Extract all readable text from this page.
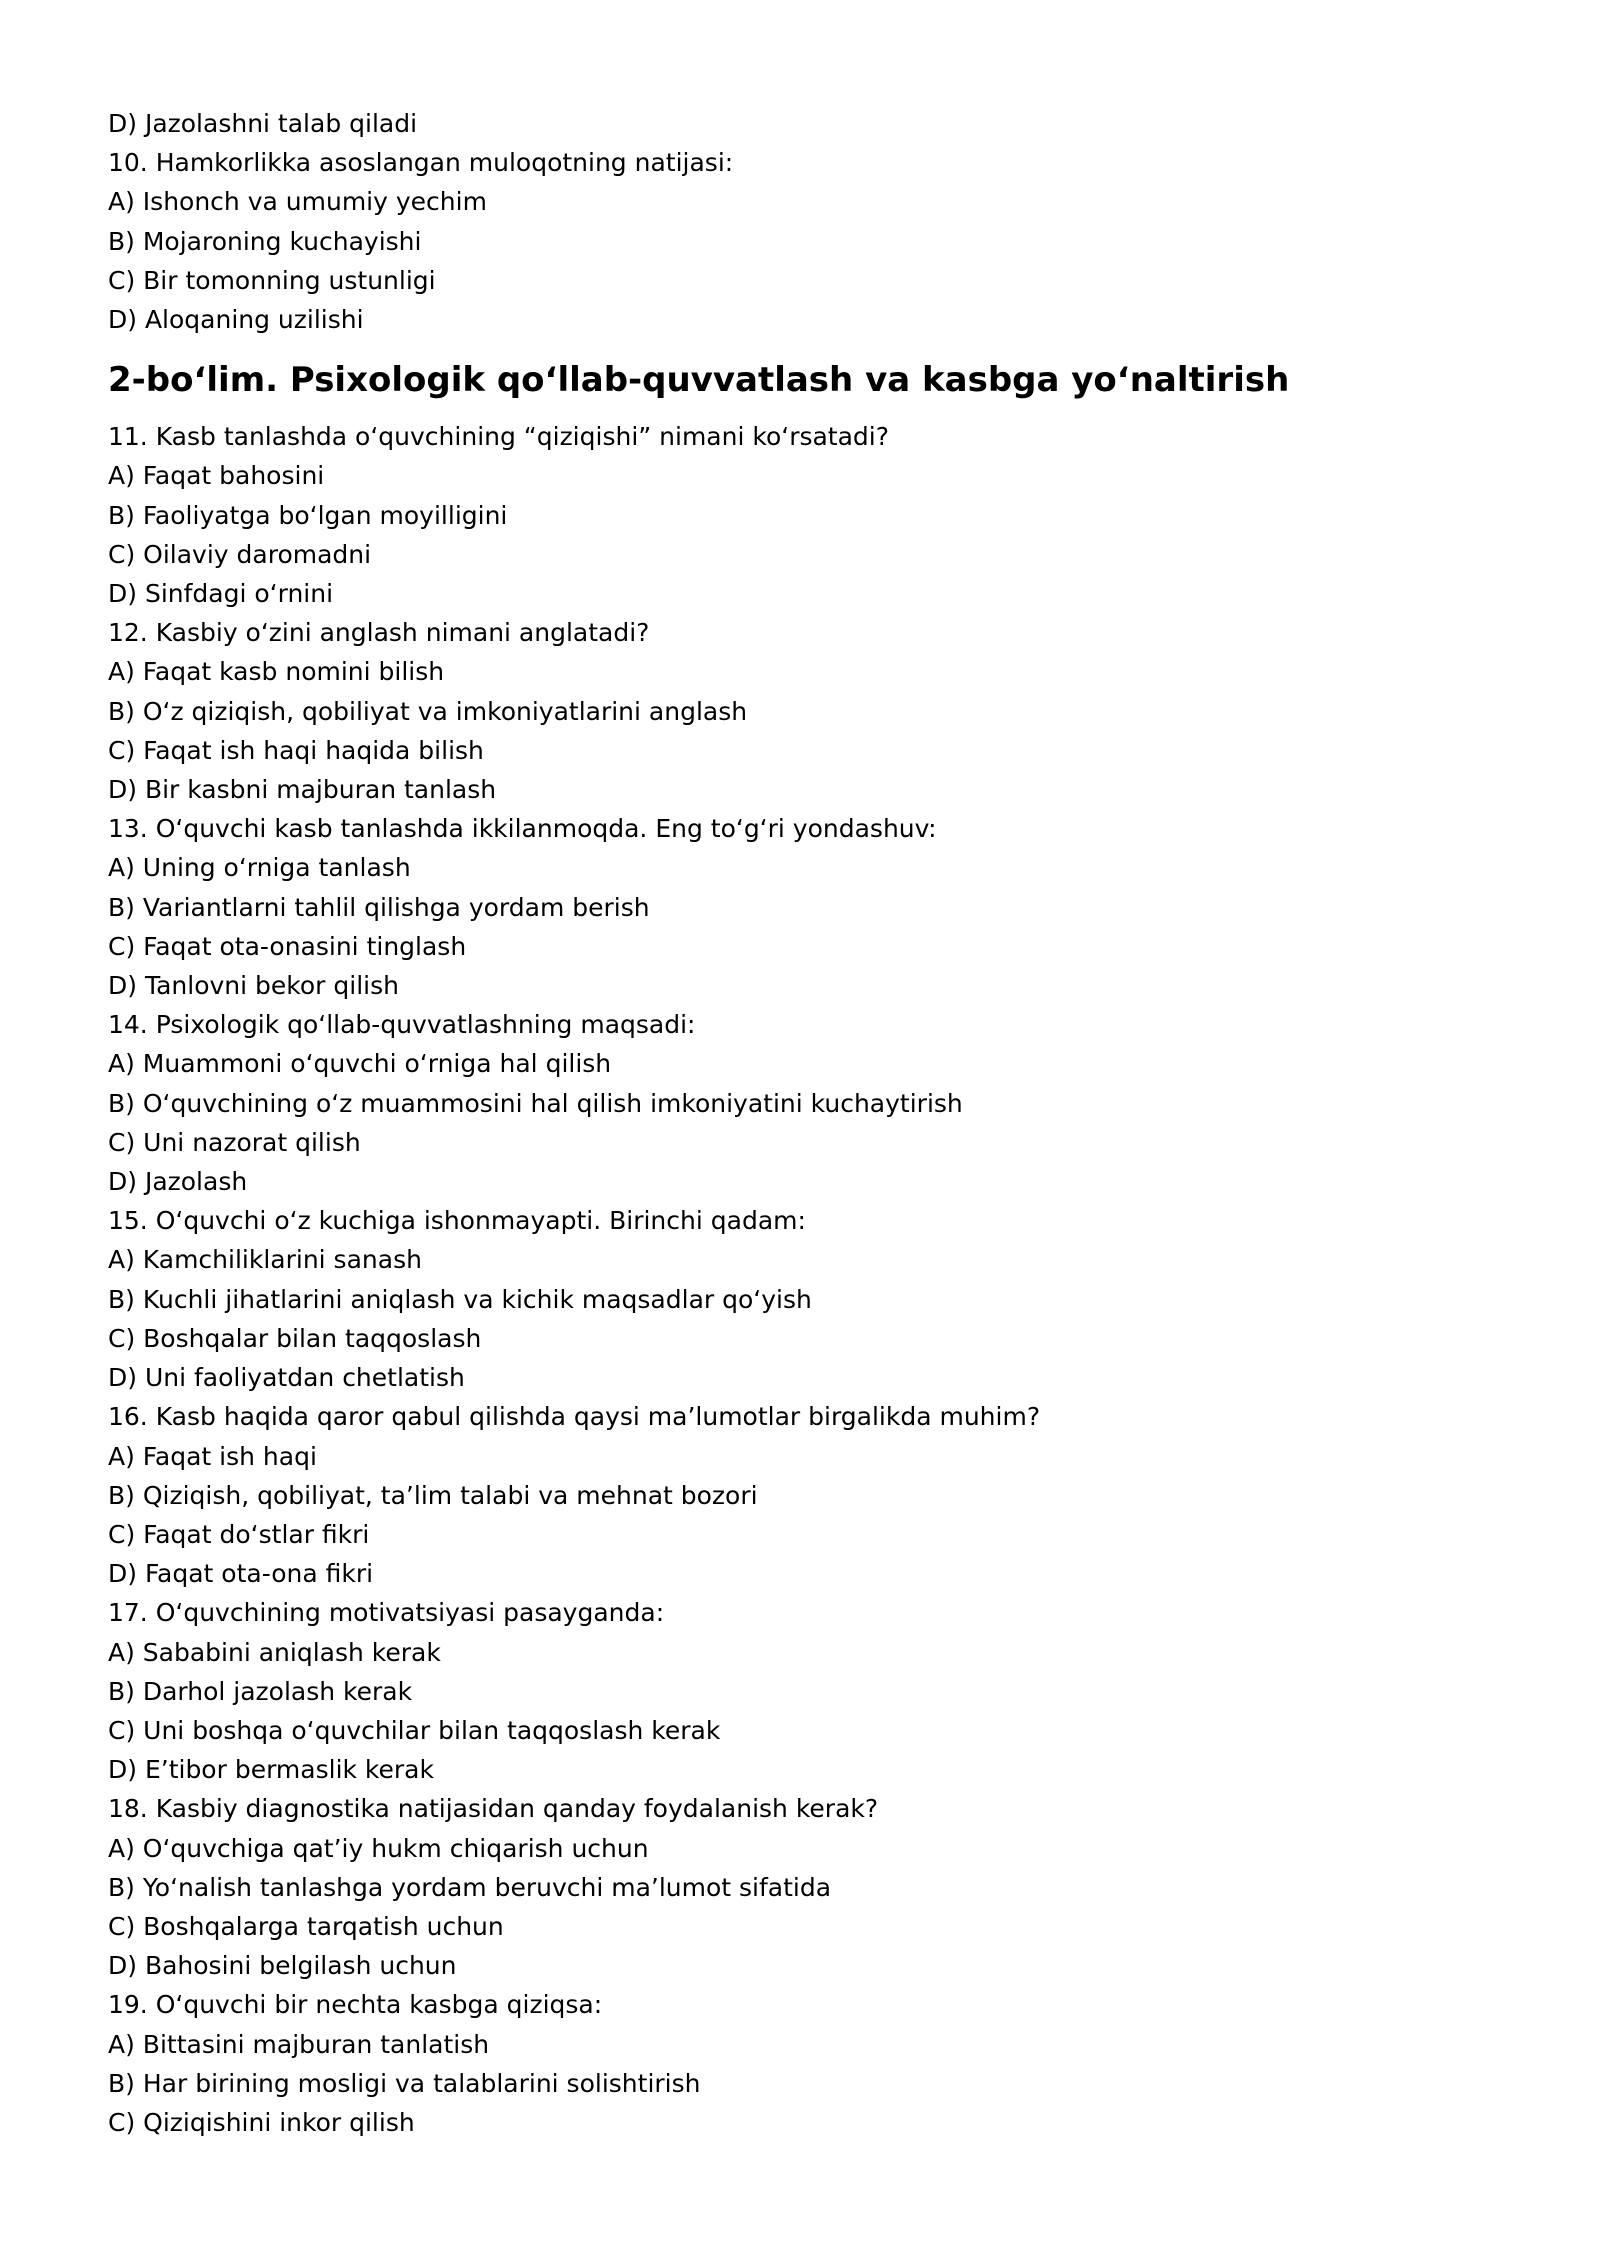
D) Jazolashni talab qiladi

10. Hamkorlikka asoslangan muloqotning natijasi:

A) Ishonch va umumiy yechim

B) Mojaroning kuchayishi

C) Bir tomonning ustunligi

D) Aloqaning uzilishi

2-bo‘lim. Psixologik qo‘llab-quvvatlash va kasbga yo‘naltirish

11. Kasb tanlashda o‘quvchining “qiziqishi” nimani ko‘rsatadi?

A) Faqat bahosini

B) Faoliyatga bo‘lgan moyilligini

C) Oilaviy daromadni

D) Sinfdagi o‘rnini

12. Kasbiy o‘zini anglash nimani anglatadi?

A) Faqat kasb nomini bilish

B) O‘z qiziqish, qobiliyat va imkoniyatlarini anglash

C) Faqat ish haqi haqida bilish

D) Bir kasbni majburan tanlash

13. O‘quvchi kasb tanlashda ikkilanmoqda. Eng to‘g‘ri yondashuv:

A) Uning o‘rniga tanlash

B) Variantlarni tahlil qilishga yordam berish

C) Faqat ota-onasini tinglash

D) Tanlovni bekor qilish

14. Psixologik qo‘llab-quvvatlashning maqsadi:

A) Muammoni o‘quvchi o‘rniga hal qilish

B) O‘quvchining o‘z muammosini hal qilish imkoniyatini kuchaytirish

C) Uni nazorat qilish

D) Jazolash

15. O‘quvchi o‘z kuchiga ishonmayapti. Birinchi qadam:

A) Kamchiliklarini sanash

B) Kuchli jihatlarini aniqlash va kichik maqsadlar qo‘yish

C) Boshqalar bilan taqqoslash

D) Uni faoliyatdan chetlatish

16. Kasb haqida qaror qabul qilishda qaysi ma’lumotlar birgalikda muhim?

A) Faqat ish haqi

B) Qiziqish, qobiliyat, ta’lim talabi va mehnat bozori

C) Faqat do‘stlar fikri

D) Faqat ota-ona fikri

17. O‘quvchining motivatsiyasi pasayganda:

A) Sababini aniqlash kerak

B) Darhol jazolash kerak

C) Uni boshqa o‘quvchilar bilan taqqoslash kerak

D) E’tibor bermaslik kerak

18. Kasbiy diagnostika natijasidan qanday foydalanish kerak?

A) O‘quvchiga qat’iy hukm chiqarish uchun

B) Yo‘nalish tanlashga yordam beruvchi ma’lumot sifatida

C) Boshqalarga tarqatish uchun

D) Bahosini belgilash uchun

19. O‘quvchi bir nechta kasbga qiziqsa:

A) Bittasini majburan tanlatish

B) Har birining mosligi va talablarini solishtirish

C) Qiziqishini inkor qilish
